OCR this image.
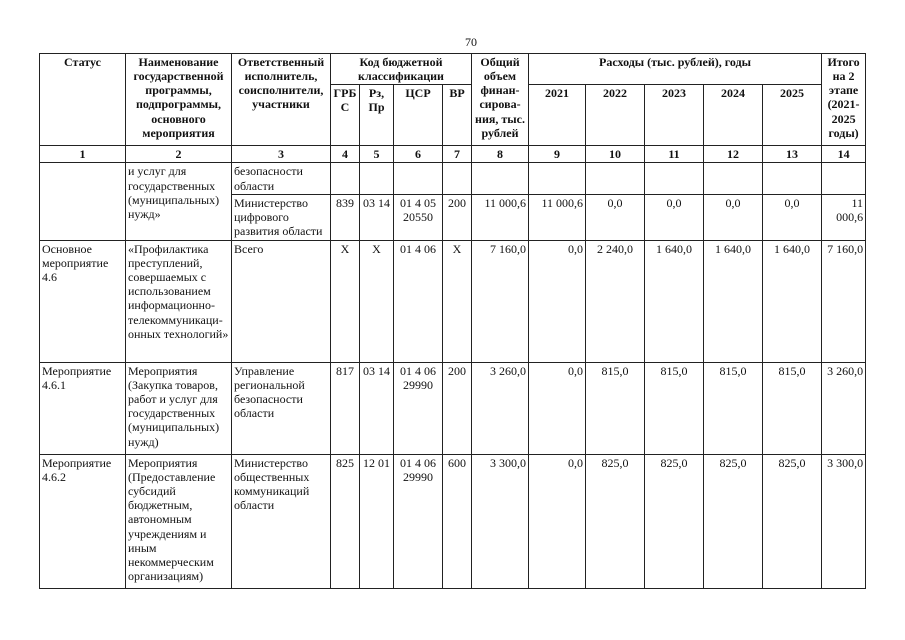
70
Статус	Наименование государственной программы, подпрограммы, основного мероприятия	Ответственный исполнитель, соисполнители, участники	Код бюджетной классификации				Общий объем финан-сирова-ния, тыс. рублей	Расходы (тыс. рублей), годы					Итого на 2 этапе (2021-2025 годы)
			ГРБ С	Рз, Пр	ЦСР	ВР		2021	2022	2023	2024	2025	
1	2	3	4	5	6	7	8	9	10	11	12	13	14
	и услуг для государственных (муниципальных) нужд»	безопасности области											
		Министерство цифрового развития области	839	03 14	01 4 05 20550	200	11 000,6	11 000,6	0,0	0,0	0,0	0,0	11 000,6
Основное мероприятие 4.6	«Профилактика преступлений, совершаемых с использованием информационно-телекоммуникаци-онных технологий»	Всего	Х	Х	01 4 06	Х	7 160,0	0,0	2 240,0	1 640,0	1 640,0	1 640,0	7 160,0
Мероприятие 4.6.1	Мероприятия (Закупка товаров, работ и услуг для государственных (муниципальных) нужд)	Управление региональной безопасности области	817	03 14	01 4 06 29990	200	3 260,0	0,0	815,0	815,0	815,0	815,0	3 260,0
Мероприятие 4.6.2	Мероприятия (Предоставление субсидий бюджетным, автономным учреждениям и иным некоммерческим организациям)	Министерство общественных коммуникаций области	825	12 01	01 4 06 29990	600	3 300,0	0,0	825,0	825,0	825,0	825,0	3 300,0
